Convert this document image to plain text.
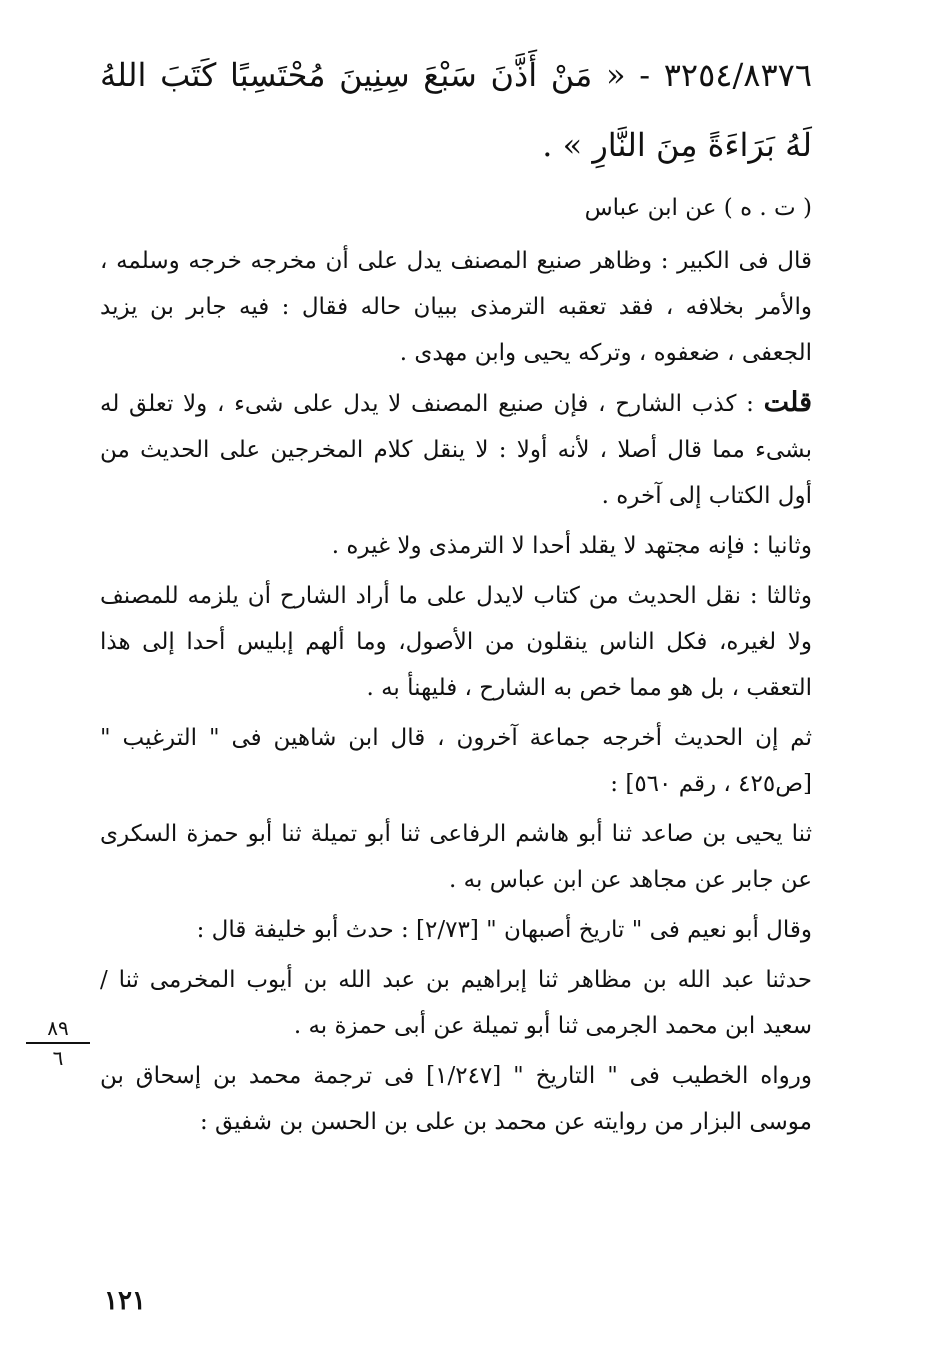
٣٢٥٤/٨٣٧٦ - « مَنْ أَذَّنَ سَبْعَ سِنِينَ مُحْتَسِبًا كَتَبَ اللهُ لَهُ بَرَاءَةً مِنَ النَّارِ » .

( ت . ه ) عن ابن عباس

قال فى الكبير : وظاهر صنيع المصنف يدل على أن مخرجه خرجه وسلمه ، والأمر بخلافه ، فقد تعقبه الترمذى ببيان حاله فقال : فيه جابر بن يزيد الجعفى ، ضعفوه ، وتركه يحيى وابن مهدى .

قلت : كذب الشارح ، فإن صنيع المصنف لا يدل على شىء ، ولا تعلق له بشىء مما قال أصلا ، لأنه أولا : لا ينقل كلام المخرجين على الحديث من أول الكتاب إلى آخره .

وثانيا : فإنه مجتهد لا يقلد أحدا لا الترمذى ولا غيره .

وثالثا : نقل الحديث من كتاب لايدل على ما أراد الشارح أن يلزمه للمصنف ولا لغيره، فكل الناس ينقلون من الأصول، وما ألهم إبليس أحدا إلى هذا التعقب ، بل هو مما خص به الشارح ، فليهنأ به .

ثم إن الحديث أخرجه جماعة آخرون ، قال ابن شاهين فى " الترغيب " [ص٤٢٥ ، رقم ٥٦٠] :

ثنا يحيى بن صاعد ثنا أبو هاشم الرفاعى ثنا أبو تميلة ثنا أبو حمزة السكرى عن جابر عن مجاهد عن ابن عباس به .

وقال أبو نعيم فى " تاريخ أصبهان " [٢/٧٣] : حدث أبو خليفة قال :

حدثنا عبد الله بن مظاهر ثنا إبراهيم بن عبد الله بن أيوب المخرمى ثنا / سعيد ابن محمد الجرمى ثنا أبو تميلة عن أبى حمزة به .

ورواه الخطيب فى " التاريخ " [١/٢٤٧] فى ترجمة محمد بن إسحاق بن موسى البزار من روايته عن محمد بن على بن الحسن بن شفيق :

٨٩
٦
١٢١
